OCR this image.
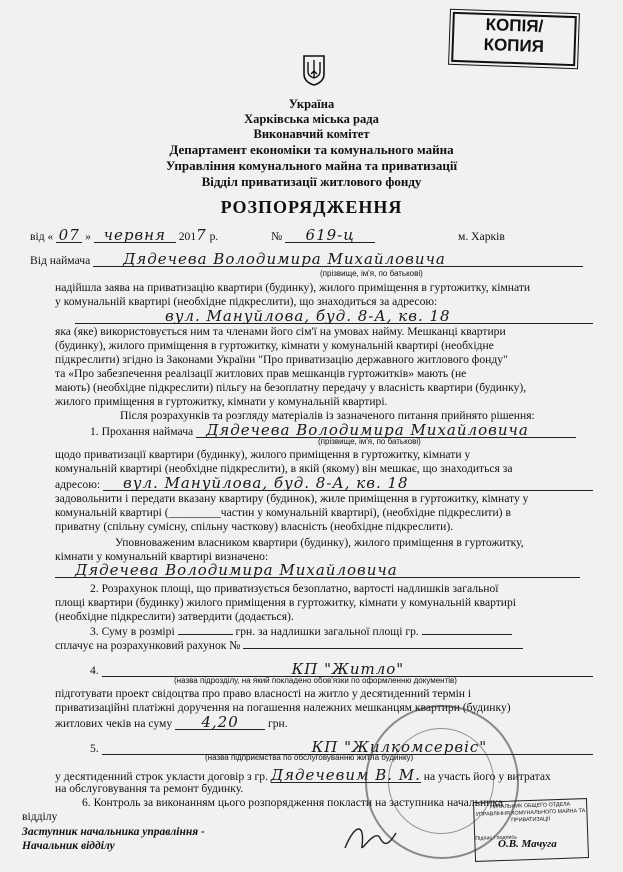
КОПІЯ/
КОПИЯ
Україна
Харківська міська рада
Виконавчий комітет
Департамент економіки та комунального майна
Управління комунального майна та приватизації
Відділ приватизації житлового фонду
РОЗПОРЯДЖЕННЯ
від « 07 » червня 2017 р.	№ 619-ц	м. Харків
Від наймача Дядечева Володимира Михайловича
(прізвище, ім'я, по батькові)
надійшла заява на приватизацію квартири (будинку), жилого приміщення в гуртожитку, кімнати
у комунальній квартирі (необхідне підкреслити), що знаходиться за адресою:
вул. Мануйлова, буд. 8-А, кв. 18
яка (яке) використовується ним та членами його сім'ї на умовах найму. Мешканці квартири
(будинку), жилого приміщення в гуртожитку, кімнати у комунальній квартирі (необхідне
підкреслити) згідно із Законами України "Про приватизацію державного житлового фонду"
та «Про забезпечення реалізації житлових прав мешканців гуртожитків» мають (не
мають) (необхідне підкреслити) пільгу на безоплатну передачу у власність квартири (будинку),
жилого приміщення в гуртожитку, кімнати у комунальній квартирі.
Після розрахунків та розгляду матеріалів із зазначеного питання прийнято рішення:
1. Прохання наймача Дядечева Володимира Михайловича
(прізвище, ім'я, по батькові)
щодо приватизації квартири (будинку), жилого приміщення в гуртожитку, кімнати у
комунальній квартирі (необхідне підкреслити), в якій (якому) він мешкає, що знаходиться за
адресою: вул. Мануйлова, буд. 8-А, кв. 18
задовольнити і передати вказану квартиру (будинок), жиле приміщення в гуртожитку, кімнату у
комунальній квартирі (_________частин у комунальній квартирі), (необхідне підкреслити) в
приватну (спільну сумісну, спільну часткову) власність (необхідне підкреслити).
Уповноваженим власником квартири (будинку), жилого приміщення в гуртожитку,
кімнати у комунальній квартирі визначено:
Дядечева Володимира Михайловича
2. Розрахунок площі, що приватизується безоплатно, вартості надлишків загальної
площі квартири (будинку) жилого приміщення в гуртожитку, кімнати у комунальній квартирі
(необхідне підкреслити) затвердити (додається).
3. Суму в розмірі	грн. за надлишки загальної площі гр.
сплачує на розрахунковий рахунок №
4.	КП "Житло"
(назва підрозділу, на який покладено обов'язки по оформленню документів)
підготувати проект свідоцтва про право власності на житло у десятиденний термін і
приватизаційні платіжні доручення на погашення належних мешканцям квартири (будинку)
житлових чеків на суму 4,20	грн.
5.	КП "Жилкомсервіс"
(назва підприємства по обслуговуванню житла будинку)
у десятиденний строк укласти договір з гр. Дядечевим В. М. на участь його у витратах
на обслуговування та ремонт будинку.
6. Контроль за виконанням цього розпорядження покласти на заступника начальника
відділу
Заступник начальника управління -
Начальник відділу
НАЧАЛЬНИК ОБЩЕГО ОТДЕЛА
УПРАВЛІННЯ КОМУНАЛЬНОГО МАЙНА ТА ПРИВАТИЗАЦІЇ
Підпис / подпись
О.В. Мачуга
